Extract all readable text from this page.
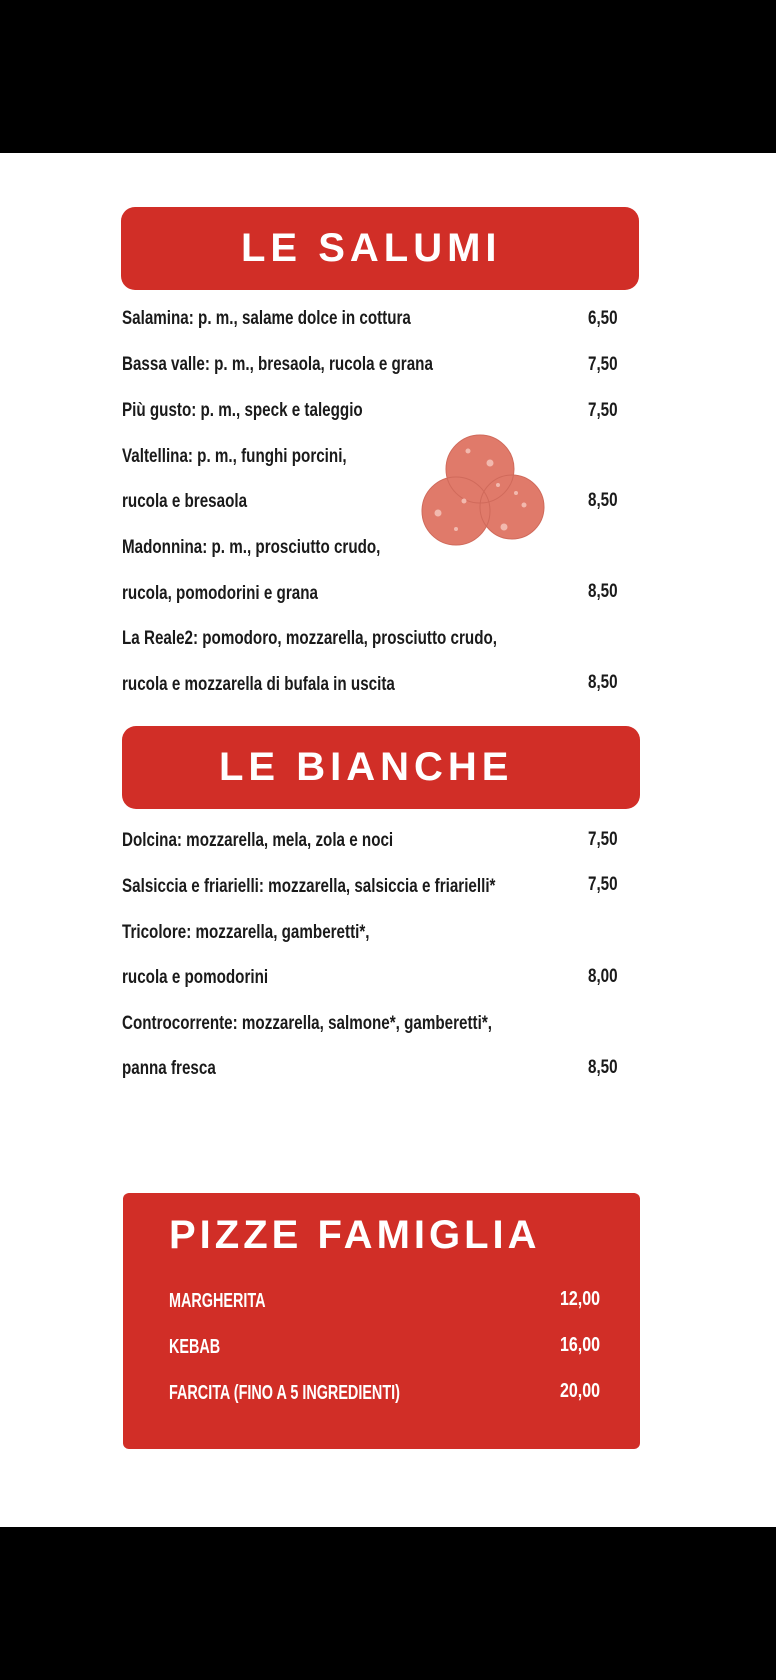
LE SALUMI
Salamina: p. m., salame dolce in cottura	6,50
Bassa valle: p. m., bresaola, rucola e grana	7,50
Più gusto: p. m., speck e taleggio	7,50
Valtellina: p. m., funghi porcini,
rucola e bresaola	8,50
Madonnina: p. m., prosciutto crudo,
rucola, pomodorini e grana	8,50
La Reale2: pomodoro, mozzarella, prosciutto crudo,
rucola e mozzarella di bufala in uscita	8,50
LE BIANCHE
Dolcina: mozzarella, mela, zola e noci	7,50
Salsiccia e friarielli: mozzarella, salsiccia e friarielli*	7,50
Tricolore: mozzarella, gamberetti*,
rucola e pomodorini	8,00
Controcorrente: mozzarella, salmone*, gamberetti*,
panna fresca	8,50
PIZZE FAMIGLIA
MARGHERITA	12,00
KEBAB	16,00
FARCITA (FINO A 5 INGREDIENTI)	20,00
